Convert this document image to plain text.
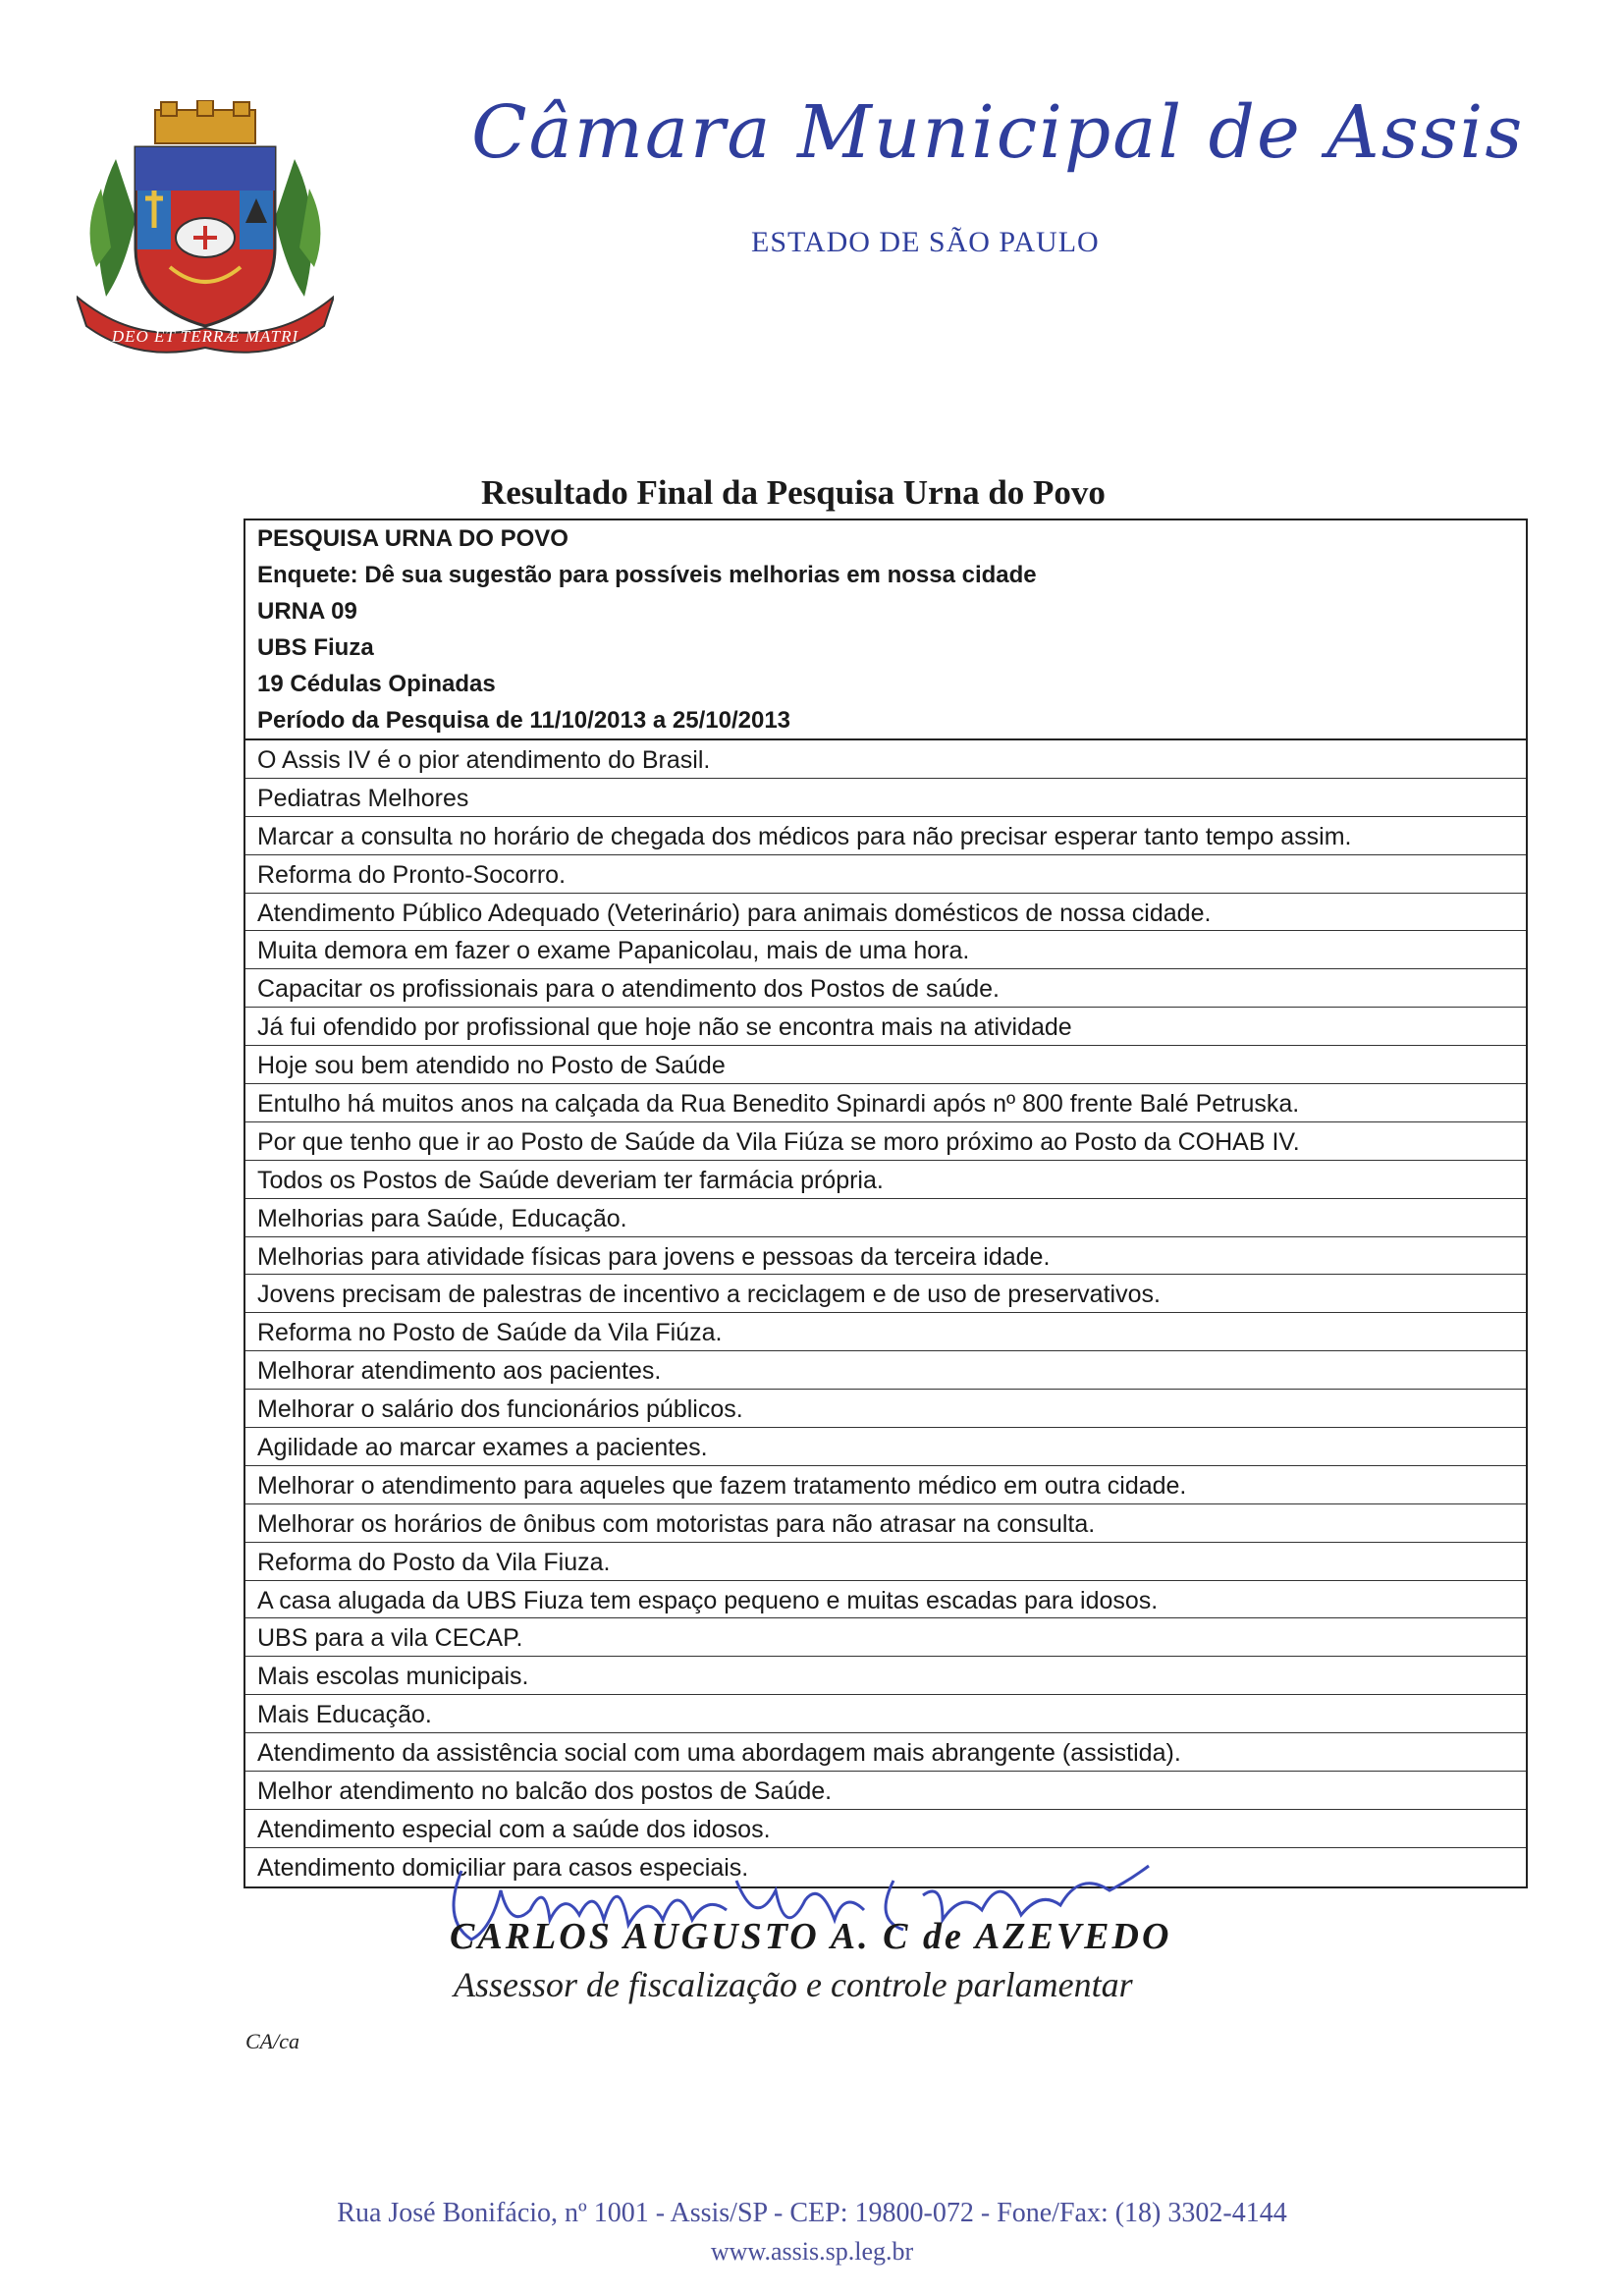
DEO ET TERRÆ MATRI
Câmara Municipal de Assis
ESTADO DE SÃO PAULO
Resultado Final da Pesquisa Urna do Povo
PESQUISA URNA DO POVO
Enquete: Dê sua sugestão para possíveis melhorias em nossa cidade
URNA 09
UBS Fiuza
19 Cédulas Opinadas
Período da Pesquisa de 11/10/2013 a 25/10/2013
O Assis IV é o pior atendimento do Brasil.
Pediatras Melhores
Marcar a consulta no horário de chegada dos médicos para não precisar esperar tanto tempo assim.
Reforma do Pronto-Socorro.
Atendimento Público Adequado (Veterinário) para animais domésticos de nossa cidade.
Muita demora em fazer o exame Papanicolau, mais de uma hora.
Capacitar os profissionais para o atendimento dos Postos de saúde.
Já fui ofendido por profissional que hoje não se encontra mais na atividade
Hoje sou bem atendido no Posto de Saúde
Entulho há muitos anos na calçada da Rua Benedito Spinardi após nº 800 frente Balé Petruska.
Por que tenho que ir ao Posto de Saúde da Vila Fiúza se moro próximo ao Posto da COHAB IV.
Todos os Postos de Saúde deveriam ter farmácia própria.
Melhorias para Saúde, Educação.
Melhorias para atividade físicas para jovens e pessoas da terceira idade.
Jovens precisam de palestras de incentivo a reciclagem e de uso de preservativos.
Reforma no Posto de Saúde da Vila Fiúza.
Melhorar atendimento aos pacientes.
Melhorar o salário dos funcionários públicos.
Agilidade ao marcar exames a pacientes.
Melhorar o atendimento para aqueles que fazem tratamento médico em outra cidade.
Melhorar os horários de ônibus com motoristas para não atrasar na consulta.
Reforma do Posto da Vila Fiuza.
A casa alugada da UBS Fiuza tem espaço pequeno e muitas escadas para idosos.
UBS para a vila CECAP.
Mais escolas municipais.
Mais Educação.
Atendimento da assistência social com uma abordagem mais abrangente (assistida).
Melhor atendimento no balcão dos postos de Saúde.
Atendimento especial com a saúde dos idosos.
Atendimento domiciliar para casos especiais.
CARLOS AUGUSTO A. C de AZEVEDO
Assessor de fiscalização e controle parlamentar
CA/ca
Rua José Bonifácio, nº 1001 - Assis/SP - CEP: 19800-072 - Fone/Fax: (18) 3302-4144
www.assis.sp.leg.br
